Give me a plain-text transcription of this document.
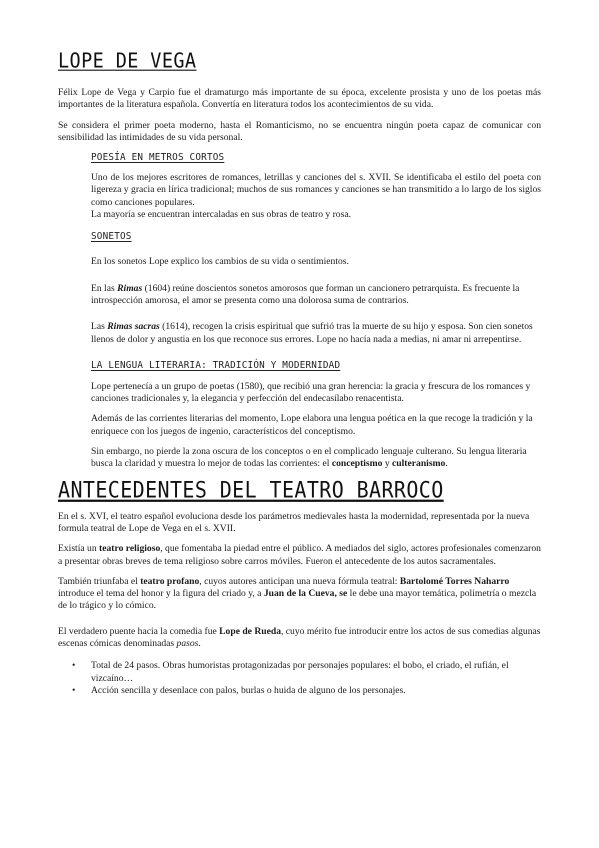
LOPE DE VEGA

Félix Lope de Vega y Carpio fue el dramaturgo más importante de su época, excelente prosista y uno de los poetas más importantes de la literatura española. Convertía en literatura todos los acontecimientos de su vida.

Se considera el primer poeta moderno, hasta el Romanticismo, no se encuentra ningún poeta capaz de comunicar con sensibilidad las intimidades de su vida personal.

POESÍA EN METROS CORTOS

Uno de los mejores escritores de romances, letrillas y canciones del s. XVII. Se identificaba el estilo del poeta con ligereza y gracia en lírica tradicional; muchos de sus romances y canciones se han transmitido a lo largo de los siglos como canciones populares.

La mayoría se encuentran intercaladas en sus obras de teatro y rosa.

SONETOS

En los sonetos Lope explico los cambios de su vida o sentimientos.

En las Rimas (1604) reúne doscientos sonetos amorosos que forman un cancionero petrarquista. Es frecuente la introspección amorosa, el amor se presenta como una dolorosa suma de contrarios.

Las Rimas sacras (1614), recogen la crisis espiritual que sufrió tras la muerte de su hijo y esposa. Son cien sonetos llenos de dolor y angustia en los que reconoce sus errores. Lope no hacía nada a medias, ni amar ni arrepentirse.

LA LENGUA LITERARIA: TRADICIÓN Y MODERNIDAD

Lope pertenecía a un grupo de poetas (1580), que recibió una gran herencia: la gracia y frescura de los romances y canciones tradicionales y, la elegancia y perfección del endecasílabo renacentista.

Además de las corrientes literarias del momento, Lope elabora una lengua poética en la que recoge la tradición y la enriquece con los juegos de ingenio, característicos del conceptismo.

Sin embargo, no pierde la zona oscura de los conceptos o en el complicado lenguaje culterano. Su lengua literaria busca la claridad y muestra lo mejor de todas las corrientes: el conceptismo y culteranismo.

ANTECEDENTES DEL TEATRO BARROCO

En el s. XVI, el teatro español evoluciona desde los parámetros medievales hasta la modernidad, representada por la nueva formula teatral de Lope de Vega en el s. XVII.

Existía un teatro religioso, que fomentaba la piedad entre el público. A mediados del siglo, actores profesionales comenzaron a presentar obras breves de tema religioso sobre carros móviles. Fueron el antecedente de los autos sacramentales.

También triunfaba el teatro profano, cuyos autores anticipan una nueva fórmula teatral: Bartolomé Torres Naharro introduce el tema del honor y la figura del criado y, a Juan de la Cueva, se le debe una mayor temática, polimetría o mezcla de lo trágico y lo cómico.

El verdadero puente hacia la comedia fue Lope de Rueda, cuyo mérito fue introducir entre los actos de sus comedias algunas escenas cómicas denominadas pasos.

• Total de 24 pasos. Obras humoristas protagonizadas por personajes populares: el bobo, el criado, el rufián, el vizcaíno…
• Acción sencilla y desenlace con palos, burlas o huida de alguno de los personajes.
